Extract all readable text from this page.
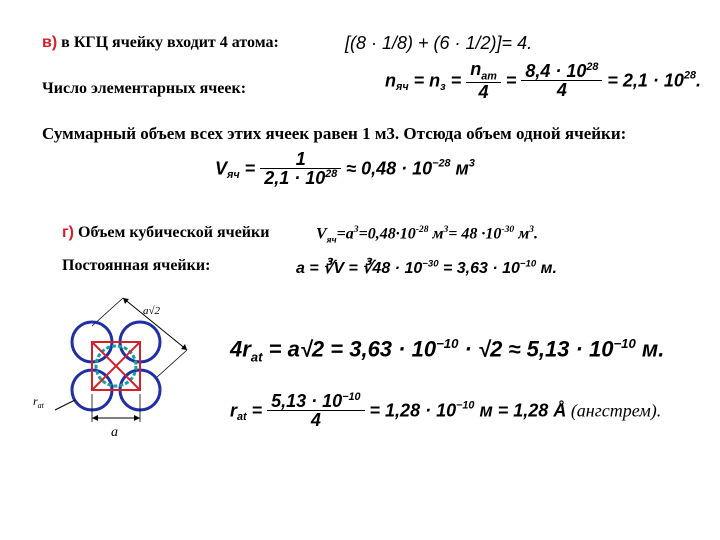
в) в КГЦ ячейку входит 4 атома:	[(8 · 1/8) + (6 · 1/2)]= 4.
Число элементарных ячеек:	$n_{яч} = n_з = \frac{n_{ат}}{4} = \frac{8,4 \cdot 10^{28}}{4} = 2,1 \cdot 10^{28}$.
Суммарный объем всех этих ячеек равен 1 м3. Отсюда объем одной ячейки:
$V_{яч} = \frac{1}{2,1 \cdot 10^{28}} \approx 0,48 \cdot 10^{-28}$ $м^3$
г) Объем кубической ячейки	$V_{яч}=a^3=0,48\cdot 10^{-28}$ $м^3= 48 \cdot 10^{-30}$ $м^3$.
Постоянная ячейки:	a = ∛V = ∛48 · $10^{-30} = 3,63 \cdot 10^{-10}$ м.
a√2
$r_{at}$
a
$4r_{at} = a√2 = 3,63 \cdot 10^{-10} \cdot √2 \approx 5,13 \cdot 10^{-10}$ м.
$r_{at} = \frac{5,13 \cdot 10^{-10}}{4} = 1,28 \cdot 10^{-10}$ м = 1,28 Å (ангстрем).
